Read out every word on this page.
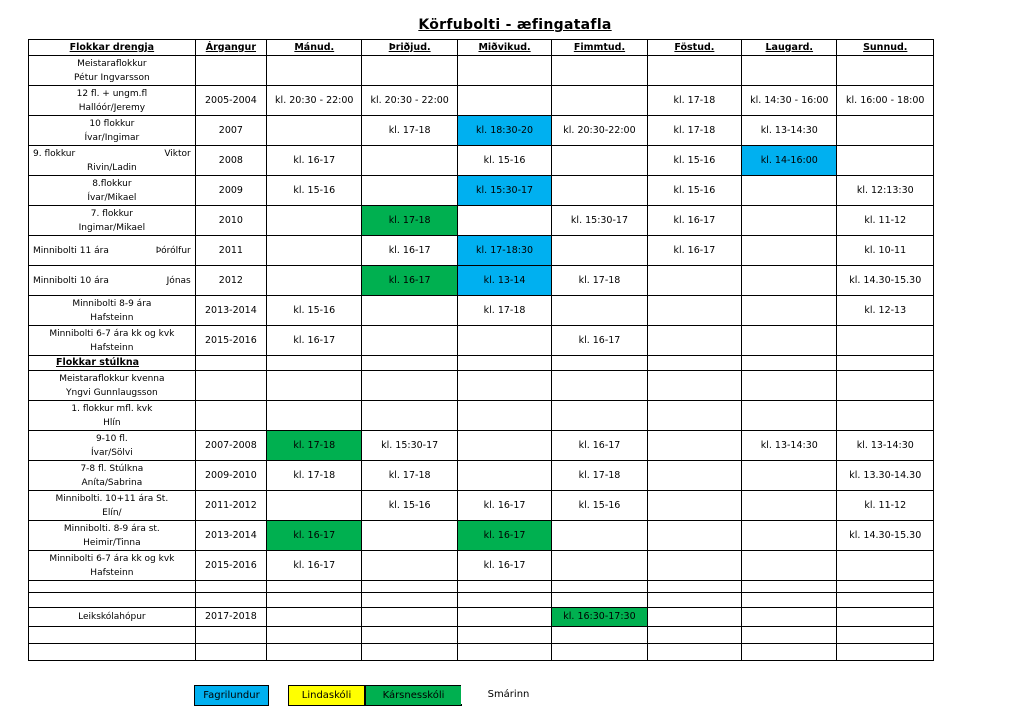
Körfubolti - æfingatafla
Flokkar drengja	Árgangur	Mánud.	Þriðjud.	Miðvikud.	Fimmtud.	Föstud.	Laugard.	Sunnud.

Meistaraflokkur
Pétur Ingvarsson								

12 fl. + ungm.fl
Hallóór/Jeremy	2005-2004	kl. 20:30 - 22:00	kl. 20:30 - 22:00			kl. 17-18	kl. 14:30 - 16:00	kl. 16:00 - 18:00

10 flokkur
Ívar/Ingimar	2007		kl. 17-18	kl. 18:30-20	kl. 20:30-22:00	kl. 17-18	kl. 13-14:30	

9. flokkur Viktor
Rivin/Ladin	2008	kl. 16-17		kl. 15-16		kl. 15-16	kl. 14-16:00	

8.flokkur
Ívar/Mikael	2009	kl. 15-16		kl. 15:30-17		kl. 15-16		kl. 12:13:30

7. flokkur
Ingimar/Mikael	2010		kl. 17-18		kl. 15:30-17	kl. 16-17		kl. 11-12

Minnibolti 11 ára Þórólfur	2011		kl. 16-17	kl. 17-18:30		kl. 16-17		kl. 10-11

Minnibolti 10 ára Jónas	2012		kl. 16-17	kl. 13-14	kl. 17-18			kl. 14.30-15.30

Minnibolti 8-9 ára
Hafsteinn	2013-2014	kl. 15-16		kl. 17-18				kl. 12-13

Minnibolti 6-7 ára kk og kvk
Hafsteinn	2015-2016	kl. 16-17			kl. 16-17			
Flokkar stúlkna								

Meistaraflokkur kvenna
Yngvi Gunnlaugsson								

1. flokkur mfl. kvk
Hlín								

9-10 fl.
Ívar/Sölvi	2007-2008	kl. 17-18	kl. 15:30-17		kl. 16-17		kl. 13-14:30	kl. 13-14:30

7-8 fl. Stúlkna
Aníta/Sabrina	2009-2010	kl. 17-18	kl. 17-18		kl. 17-18			kl. 13.30-14.30

Minnibolti. 10+11 ára St.
Elín/	2011-2012		kl. 15-16	kl. 16-17	kl. 15-16			kl. 11-12

Minnibolti. 8-9 ára st.
Heimir/Tinna	2013-2014	kl. 16-17		kl. 16-17				kl. 14.30-15.30

Minnibolti 6-7 ára kk og kvk
Hafsteinn	2015-2016	kl. 16-17		kl. 16-17				

Leikskólahópur	2017-2018				kl. 16:30-17:30			

Fagrilundur	Lindaskóli	Kársnesskóli	Smárinn
